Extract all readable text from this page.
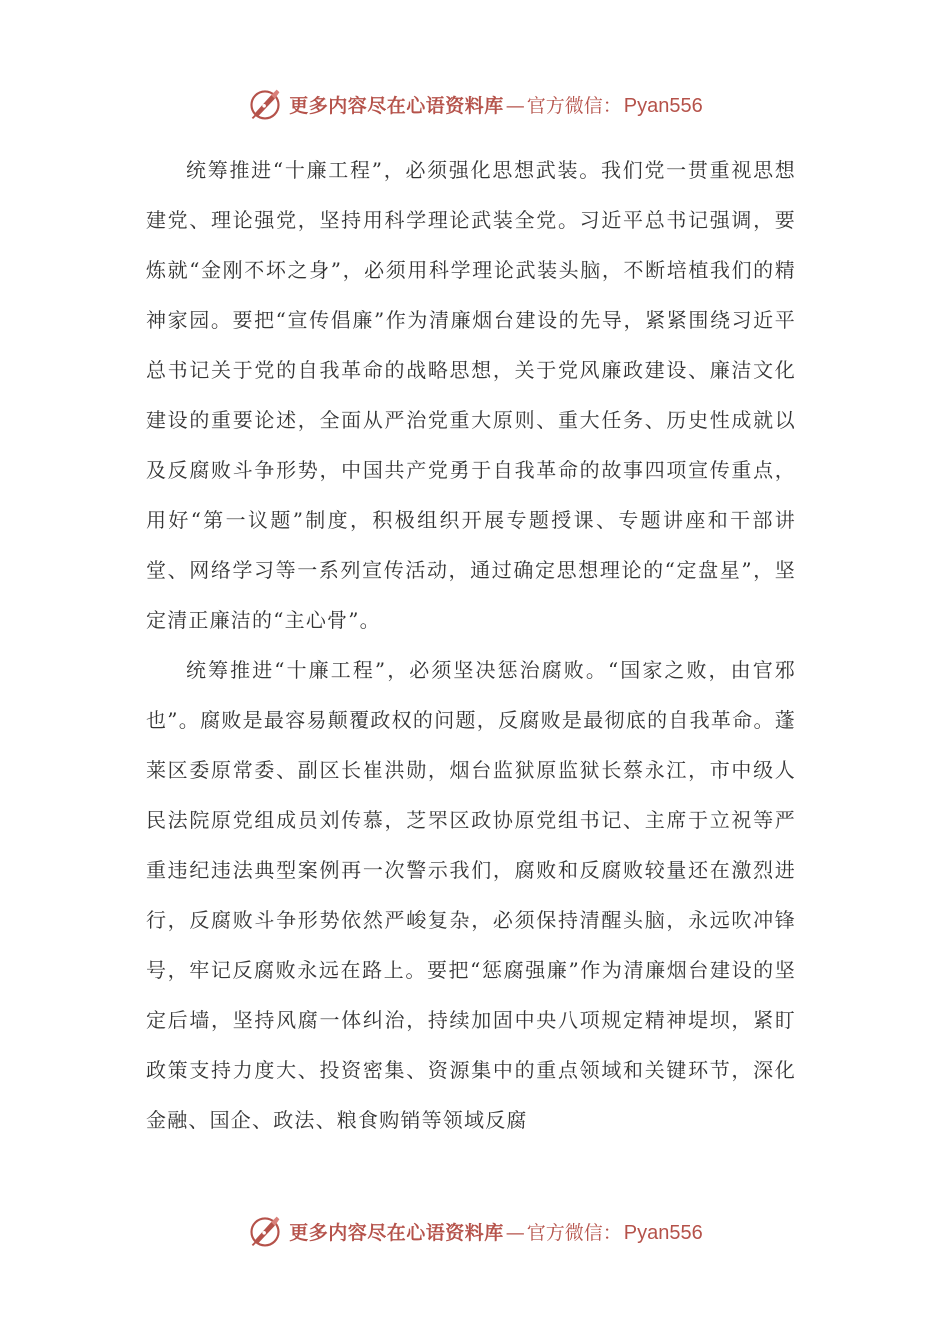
更多内容尽在心语资料库 — 官方微信： Pyan556

统筹推进“十廉工程”，必须强化思想武装。我们党一贯重视思想建党、理论强党，坚持用科学理论武装全党。习近平总书记强调，要炼就“金刚不坏之身”，必须用科学理论武装头脑，不断培植我们的精神家园。要把“宣传倡廉”作为清廉烟台建设的先导，紧紧围绕习近平总书记关于党的自我革命的战略思想，关于党风廉政建设、廉洁文化建设的重要论述，全面从严治党重大原则、重大任务、历史性成就以及反腐败斗争形势，中国共产党勇于自我革命的故事四项宣传重点，用好“第一议题”制度，积极组织开展专题授课、专题讲座和干部讲堂、网络学习等一系列宣传活动，通过确定思想理论的“定盘星”，坚定清正廉洁的“主心骨”。

统筹推进“十廉工程”，必须坚决惩治腐败。“国家之败，由官邪也”。腐败是最容易颠覆政权的问题，反腐败是最彻底的自我革命。蓬莱区委原常委、副区长崔洪勋，烟台监狱原监狱长蔡永江，市中级人民法院原党组成员刘传慕，芝罘区政协原党组书记、主席于立祝等严重违纪违法典型案例再一次警示我们，腐败和反腐败较量还在激烈进行，反腐败斗争形势依然严峻复杂，必须保持清醒头脑，永远吹冲锋号，牢记反腐败永远在路上。要把“惩腐强廉”作为清廉烟台建设的坚定后墙，坚持风腐一体纠治，持续加固中央八项规定精神堤坝，紧盯政策支持力度大、投资密集、资源集中的重点领域和关键环节，深化金融、国企、政法、粮食购销等领域反腐

更多内容尽在心语资料库 — 官方微信： Pyan556
